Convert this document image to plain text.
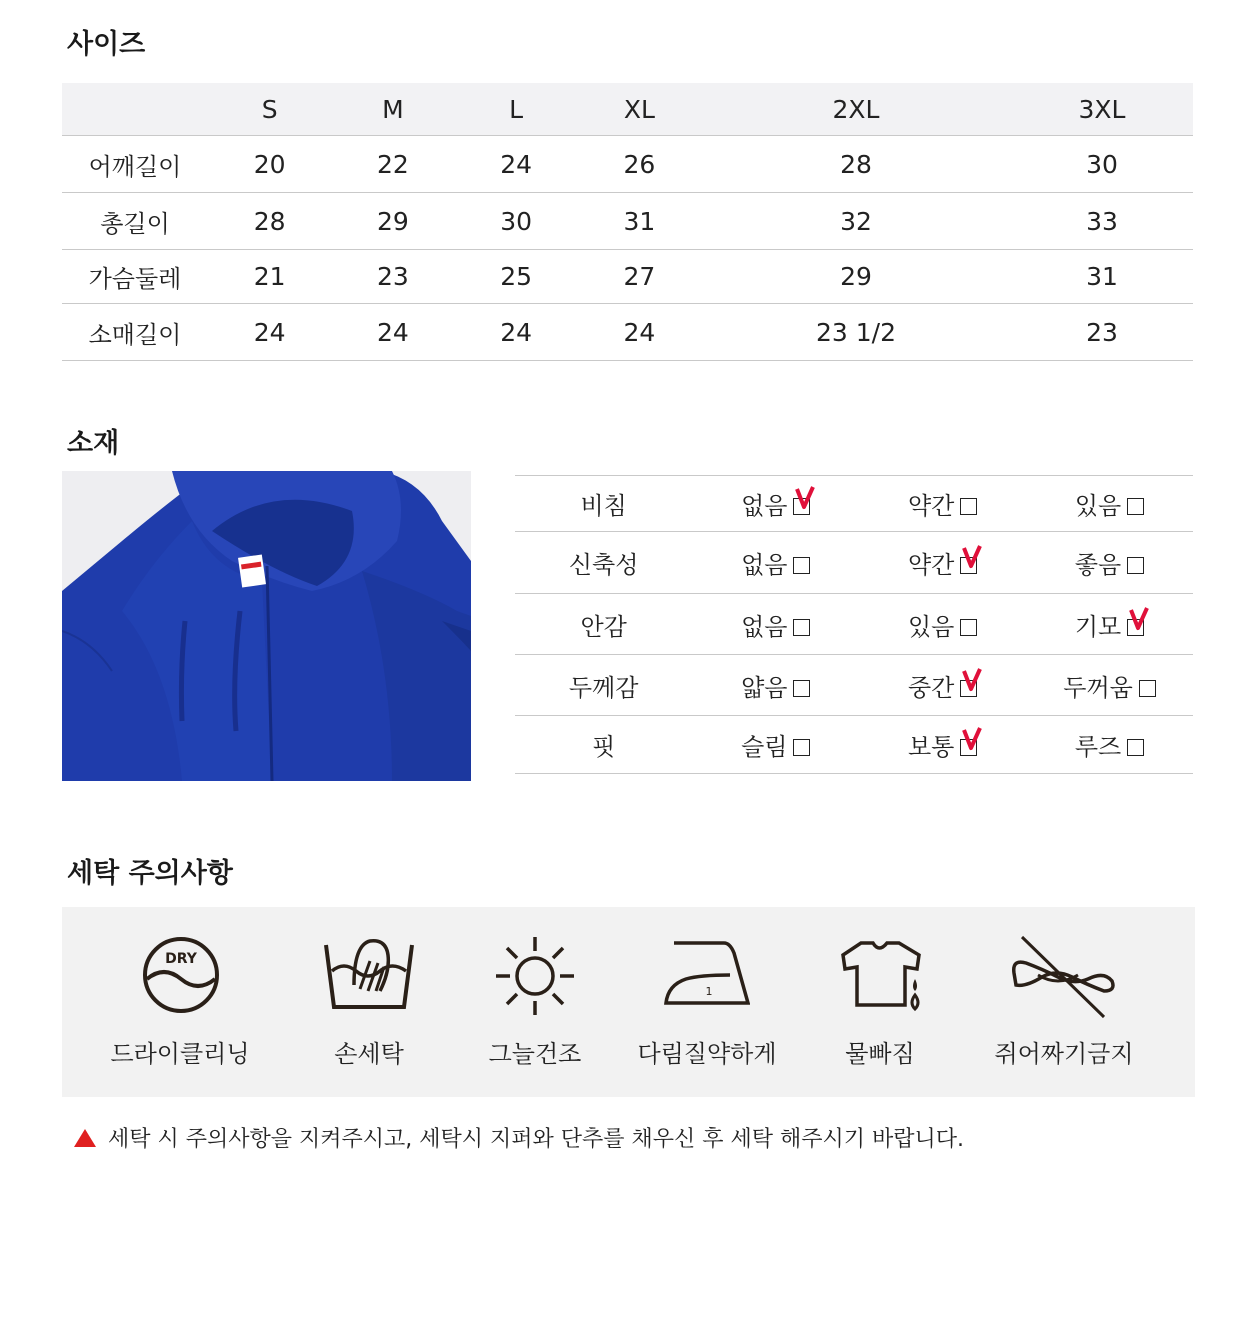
사이즈
	S	M	L	XL	2XL	3XL
어깨길이	20	22	24	26	28	30
총길이	28	29	30	31	32	33
가슴둘레	21	23	25	27	29	31
소매길이	24	24	24	24	23 1/2	23
소재
비침	없음	약간	있음
신축성	없음	약간	좋음
안감	없음	있음	기모

두께감	얇음	중간	두꺼움
핏	슬림	보통	루즈
세탁 주의사항
DRY
드라이클리닝	손세탁	그늘건조
1
다림질약하게	물빠짐	쥐어짜기금지
세탁 시 주의사항을 지켜주시고, 세탁시 지퍼와 단추를 채우신 후 세탁 해주시기 바랍니다.
